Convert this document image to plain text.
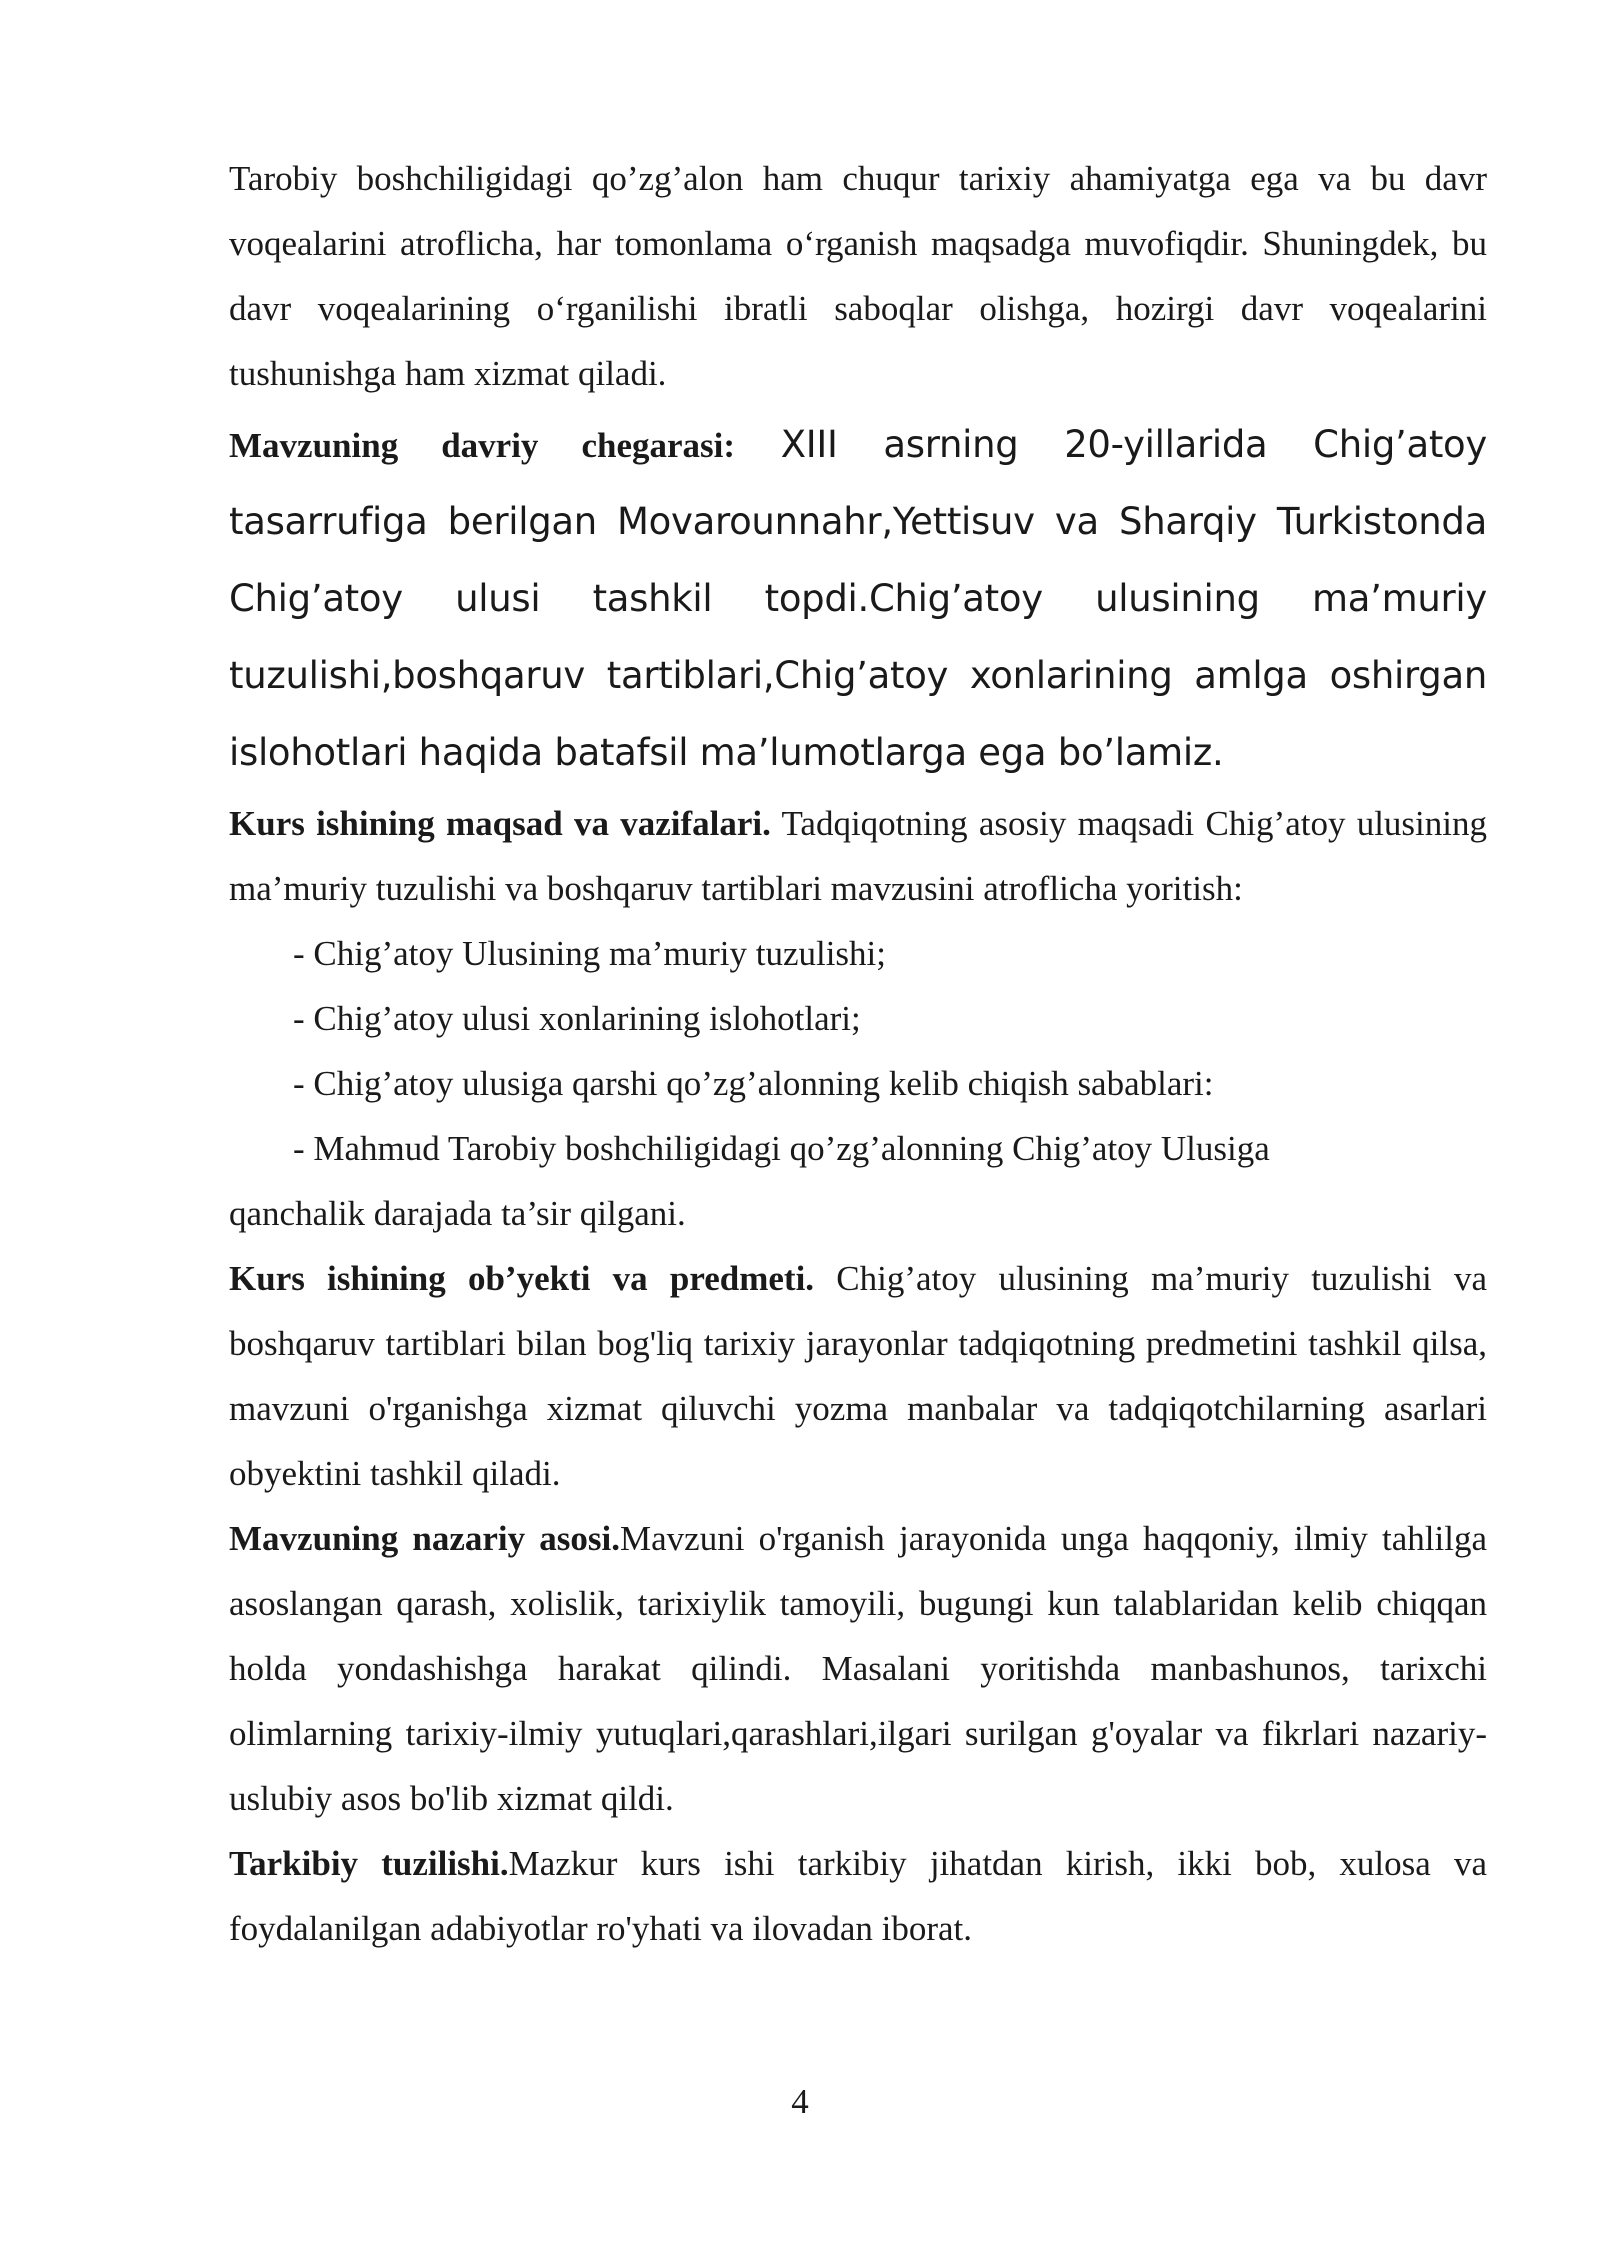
Tarobiy boshchiligidagi qo’zg’alon ham chuqur tarixiy ahamiyatga ega va bu davr voqealarini atroflicha, har tomonlama o‘rganish maqsadga muvofiqdir. Shuningdek, bu davr voqealarining o‘rganilishi ibratli saboqlar olishga, hozirgi davr voqealarini tushunishga ham xizmat qiladi.

Mavzuning davriy chegarasi: XIII asrning 20-yillarida Chig’atoy tasarrufiga berilgan Movarounnahr,Yettisuv va Sharqiy Turkistonda Chig’atoy ulusi tashkil topdi.Chig’atoy ulusining ma’muriy tuzulishi,boshqaruv tartiblari,Chig’atoy xonlarining amlga oshirgan islohotlari haqida batafsil ma’lumotlarga ega bo’lamiz.

Kurs ishining maqsad va vazifalari. Tadqiqotning asosiy maqsadi Chig’atoy ulusining ma’muriy tuzulishi va boshqaruv tartiblari mavzusini atroflicha yoritish:

- Chig’atoy Ulusining ma’muriy tuzulishi;

- Chig’atoy ulusi xonlarining islohotlari;

- Chig’atoy ulusiga qarshi qo’zg’alonning kelib chiqish sabablari:

- Mahmud Tarobiy boshchiligidagi qo’zg’alonning Chig’atoy Ulusiga

qanchalik darajada ta’sir qilgani.

Kurs ishining ob’yekti va predmeti. Chig’atoy ulusining ma’muriy tuzulishi va boshqaruv tartiblari bilan bog'liq tarixiy jarayonlar tadqiqotning predmetini tashkil qilsa, mavzuni o'rganishga xizmat qiluvchi yozma manbalar va tadqiqotchilarning asarlari obyektini tashkil qiladi.

Mavzuning nazariy asosi.Mavzuni o'rganish jarayonida unga haqqoniy, ilmiy tahlilga asoslangan qarash, xolislik, tarixiylik tamoyili, bugungi kun talablaridan kelib chiqqan holda yondashishga harakat qilindi. Masalani yoritishda manbashunos, tarixchi olimlarning tarixiy-ilmiy yutuqlari,qarashlari,ilgari surilgan g'oyalar va fikrlari nazariy- uslubiy asos bo'lib xizmat qildi.

Tarkibiy tuzilishi.Mazkur kurs ishi tarkibiy jihatdan kirish, ikki bob, xulosa va foydalanilgan adabiyotlar ro'yhati va ilovadan iborat.

4
